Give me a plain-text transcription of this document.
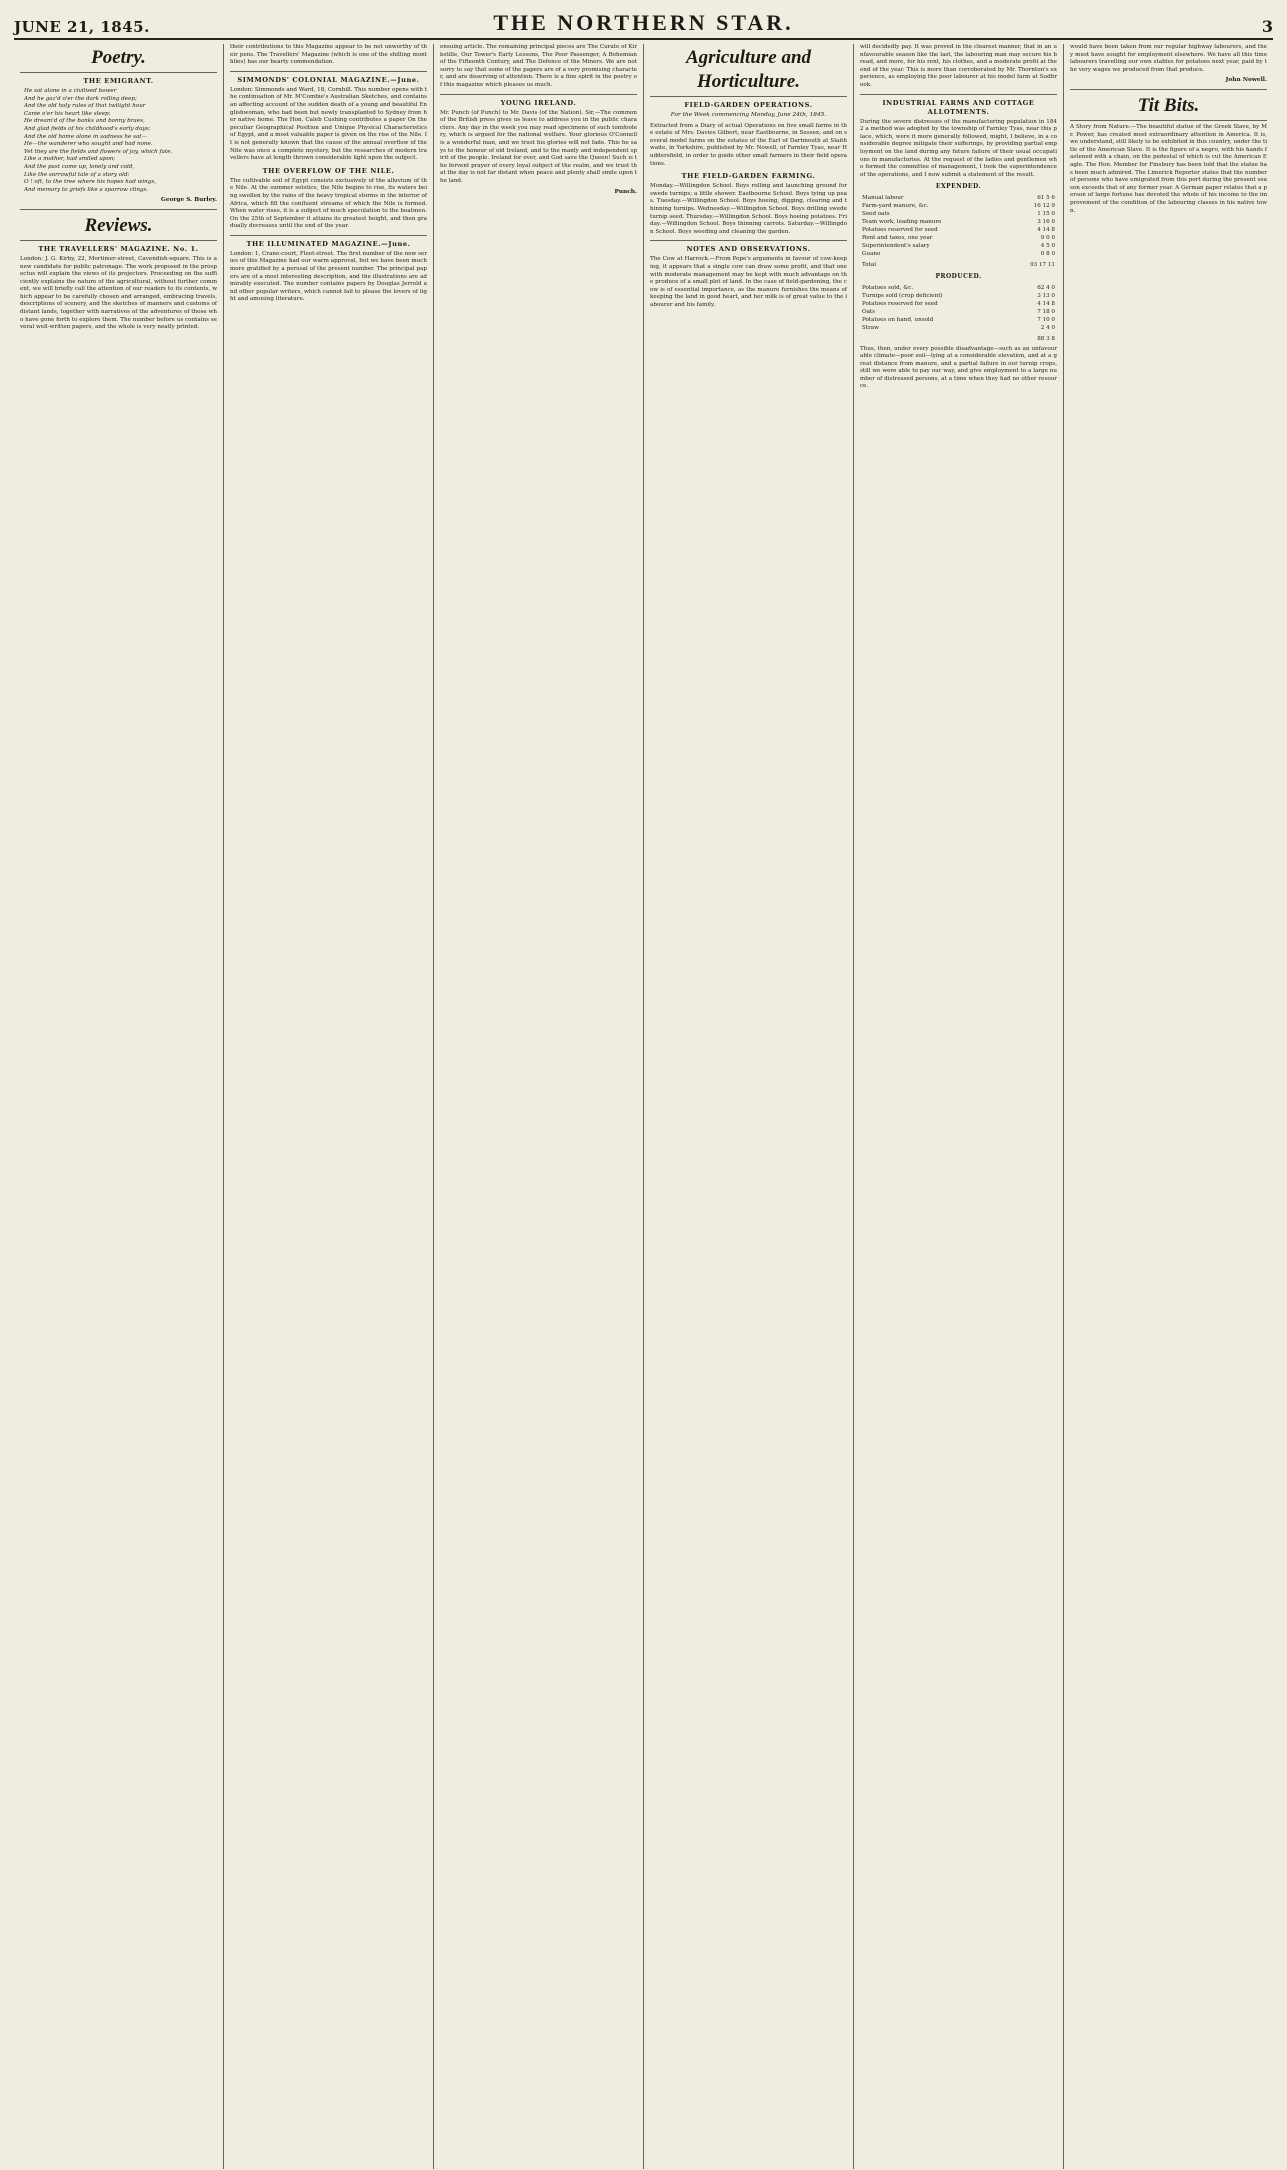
JUNE 21, 1845.	THE NORTHERN STAR.	3
Poetry.
THE EMIGRANT.

He sat alone in a civilised bower

And he gaz'd o'er the dark rolling deep;

And the old holy rules of that twilight hour

Came o'er his heart like sleep:

He dream'd of the banks and bonny braes,

And glad fields of his childhood's early days;

And the old home alone in sadness he sat—

He—the wanderer who sought and had none.

Yet they are the fields and flowers of joy, which fate,

Like a mother, had smiled upon;

And the past came up, lonely and cold,

Like the sorrowful tale of a story old:

O ! oft, to the tree where his hopes had wings,

And memory to griefs like a sparrow clings.

George S. Burley.

Reviews.
THE TRAVELLERS' MAGAZINE. No. 1.
London: J. G. Kirby, 22, Mortimer-street, Cavendish-square. This is a new candidate for public patronage. The work proposed in the prospectus will explain the views of its projectors. Proceeding on the sufficiently explains the nature of the agricultural, without further comment, we will briefly call the attention of our readers to its contents, which appear to be carefully chosen and arranged, embracing travels, descriptions of scenery, and the sketches of manners and customs of distant lands, together with narratives of the adventures of those who have gone forth to explore them. The number before us contains several well-written papers, and the whole is very neatly printed.
their contributions to this Magazine appear to be not unworthy of their pens. The Travellers' Magazine (which is one of the shilling monthlies) has our hearty commendation.
SIMMONDS' COLONIAL MAGAZINE.—June.
London: Simmonds and Ward, 18, Cornhill. This number opens with the continuation of Mr. M'Combie's Australian Sketches, and contains an affecting account of the sudden death of a young and beautiful Englishwoman, who had been but newly transplanted to Sydney from her native home. The Hon. Caleb Cushing contributes a paper On the peculiar Geographical Position and Unique Physical Characteristics of Egypt, and a most valuable paper is given on the rise of the Nile. It is not generally known that the cause of the annual overflow of the Nile was once a complete mystery, but the researches of modern travellers have at length thrown considerable light upon the subject.
THE OVERFLOW OF THE NILE.
The cultivable soil of Egypt consists exclusively of the alluvium of the Nile. At the summer solstice, the Nile begins to rise, its waters being swollen by the rains of the heavy tropical storms in the interior of Africa, which fill the confluent streams of which the Nile is formed. When water rises, it is a subject of much speculation to the boatmen. On the 25th of September it attains its greatest height, and then gradually decreases until the end of the year.
THE ILLUMINATED MAGAZINE.—June.
London: 1, Crane-court, Fleet-street. The first number of the new series of this Magazine had our warm approval, but we have been much more gratified by a perusal of the present number. The principal papers are of a most interesting description, and the illustrations are admirably executed. The number contains papers by Douglas Jerrold and other popular writers, which cannot fail to please the lovers of light and amusing literature.
ensuing article. The remaining principal pieces are The Curate of Kirkstille, Our Tower's Early Lessons, The Poor Passenger, A Bohemian of the Fifteenth Century, and The Defence of the Miners. We are not sorry to say that some of the papers are of a very promising character, and are deserving of attention. There is a fine spirit in the poetry of this magazine which pleases us much.
YOUNG IRELAND.
Mr. Punch (of Punch) to Mr. Davis (of the Nation). Sir,—The common of the British press gives us leave to address you in the public characters. Any day in the week you may read specimens of such tomfoolery, which is argued for the national welfare. Your glorious O'Connell is a wonderful man, and we trust his glories will not fade. This he says to the honour of old Ireland, and to the manly and independent spirit of the people. Ireland for ever, and God save the Queen! Such is the fervent prayer of every loyal subject of the realm, and we trust that the day is not far distant when peace and plenty shall smile upon the land.

Punch.

Agriculture and Horticulture.
FIELD-GARDEN OPERATIONS.
For the Week commencing Monday, June 24th, 1845.
Extracted from a Diary of actual Operations on five small farms in the estate of Mrs. Davies Gilbert, near Eastbourne, in Sussex; and on several model farms on the estates of the Earl of Dartmouth at Slaithwaite, in Yorkshire, published by Mr. Nowell, of Farnley Tyas, near Huddersfield, in order to guide other small farmers in their field operations.
THE FIELD-GARDEN FARMING.
Monday.—Willingdon School. Boys rolling and launching ground for swede turnips; a little shower. Eastbourne School. Boys tying up peas. Tuesday.—Willingdon School. Boys hoeing, digging, clearing and thinning turnips. Wednesday.—Willingdon School. Boys drilling swede turnip seed. Thursday.—Willingdon School. Boys hoeing potatoes. Friday.—Willingdon School. Boys thinning carrots. Saturday.—Willingdon School. Boys weeding and cleaning the garden.
NOTES AND OBSERVATIONS.
The Cow at Harrock.—From Pope's arguments in favour of cow-keeping, it appears that a single cow can draw some profit, and that one with moderate management may be kept with much advantage on the produce of a small plot of land. In the case of field-gardening, the cow is of essential importance, as the manure furnishes the means of keeping the land in good heart, and her milk is of great value to the labourer and his family.
will decidedly pay. It was proved in the clearest manner, that in an unfavourable season like the last, the labouring man may secure his bread, and more, for his rent, his clothes, and a moderate profit at the end of the year. This is more than corroborated by Mr. Thornton's experience, as employing the poor labourer at his model farm at Sudbrook.
INDUSTRIAL FARMS AND COTTAGE ALLOTMENTS.
During the severe distresses of the manufacturing population in 1842 a method was adopted by the township of Farnley Tyas, near this place, which, were it more generally followed, might, I believe, in a considerable degree mitigate their sufferings, by providing partial employment on the land during any future failure of their usual occupations in manufactories. At the request of the ladies and gentlemen who formed the committee of management, I took the superintendence of the operations, and I now submit a statement of the result.
EXPENDED.
Manual labour	61 5 6
Farm-yard manure, &c.	16 12 9
Seed oats	1 15 0
Team work, leading manure	3 16 0
Potatoes reserved for seed	4 14 8
Rent and taxes, one year	9 0 0
Superintendent's salary	4 5 0
Guano	0 8 0
Total	93 17 11
PRODUCED.
Potatoes sold, &c.	62 4 0
Turnips sold (crop deficient)	3 13 0
Potatoes reserved for seed	4 14 8
Oats	7 18 0
Potatoes on hand, unsold	7 10 0
Straw	2 4 0
	88 3 8
Thus, then, under every possible disadvantage—such as an unfavourable climate—poor soil—lying at a considerable elevation, and at a great distance from manure, and a partial failure in our turnip crops, still we were able to pay our way, and give employment to a large number of distressed persons, at a time when they had no other resource.
would have been taken from our regular highway labourers, and they must have sought for employment elsewhere. We have all this time labourers travelling our own stables for potatoes next year, paid by the very wages we produced from that produce.

John Nowell.

Tit Bits.
A Story from Nature.—The beautiful statue of the Greek Slave, by Mr. Power, has created most extraordinary attention in America. It is, we understand, still likely to be exhibited in this country, under the title of the American Slave. It is the figure of a negro, with his hands fastened with a chain, on the pedestal of which is cut the American Eagle. The Hon. Member for Finsbury has been told that the statue has been much admired. The Limerick Reporter states that the number of persons who have emigrated from this port during the present season exceeds that of any former year. A German paper relates that a person of large fortune has devoted the whole of his income to the improvement of the condition of the labouring classes in his native town.
